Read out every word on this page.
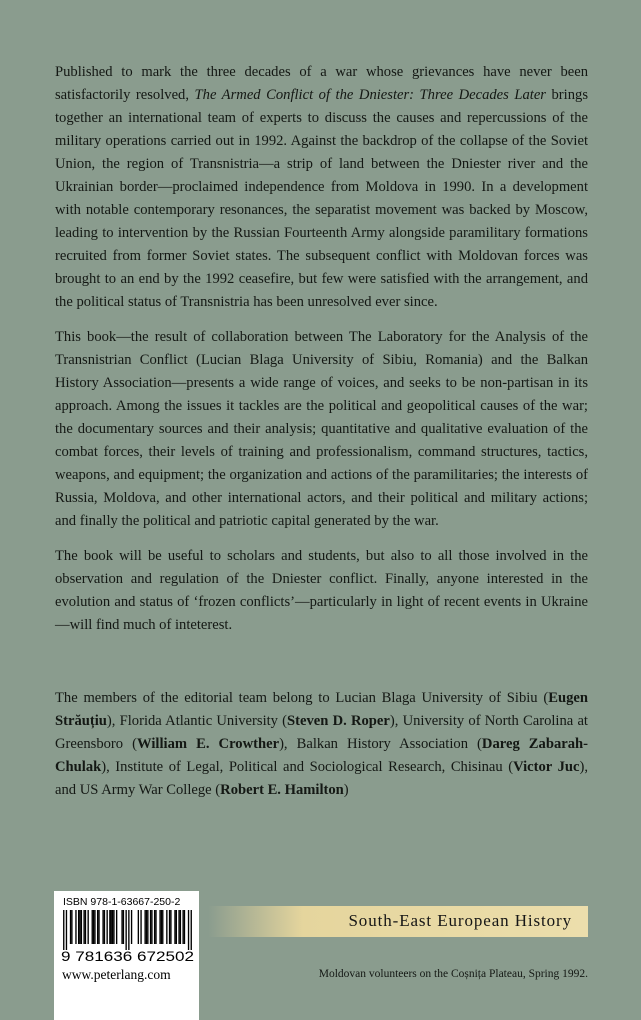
Published to mark the three decades of a war whose grievances have never been satisfactorily resolved, The Armed Conflict of the Dniester: Three Decades Later brings together an international team of experts to discuss the causes and repercussions of the military operations carried out in 1992. Against the backdrop of the collapse of the Soviet Union, the region of Transnistria—a strip of land between the Dniester river and the Ukrainian border—proclaimed independence from Moldova in 1990. In a development with notable contemporary resonances, the separatist movement was backed by Moscow, leading to intervention by the Russian Fourteenth Army alongside paramilitary formations recruited from former Soviet states. The subsequent conflict with Moldovan forces was brought to an end by the 1992 ceasefire, but few were satisfied with the arrangement, and the political status of Transnistria has been unresolved ever since.

This book—the result of collaboration between The Laboratory for the Analysis of the Transnistrian Conflict (Lucian Blaga University of Sibiu, Romania) and the Balkan History Association—presents a wide range of voices, and seeks to be non-partisan in its approach. Among the issues it tackles are the political and geopolitical causes of the war; the documentary sources and their analysis; quantitative and qualitative evaluation of the combat forces, their levels of training and professionalism, command structures, tactics, weapons, and equipment; the organization and actions of the paramilitaries; the interests of Russia, Moldova, and other international actors, and their political and military actions; and finally the political and patriotic capital generated by the war.

The book will be useful to scholars and students, but also to all those involved in the observation and regulation of the Dniester conflict. Finally, anyone interested in the evolution and status of ‘frozen conflicts’—particularly in light of recent events in Ukraine—will find much of inteterest.

The members of the editorial team belong to Lucian Blaga University of Sibiu (Eugen Străuțiu), Florida Atlantic University (Steven D. Roper), University of North Carolina at Greensboro (William E. Crowther), Balkan History Association (Dareg Zabarah-Chulak), Institute of Legal, Political and Sociological Research, Chisinau (Victor Juc), and US Army War College (Robert E. Hamilton)

ISBN 978-1-63667-250-2
9 781636 672502
www.peterlang.com
South-East European History
Moldovan volunteers on the Coșnița Plateau, Spring 1992.
